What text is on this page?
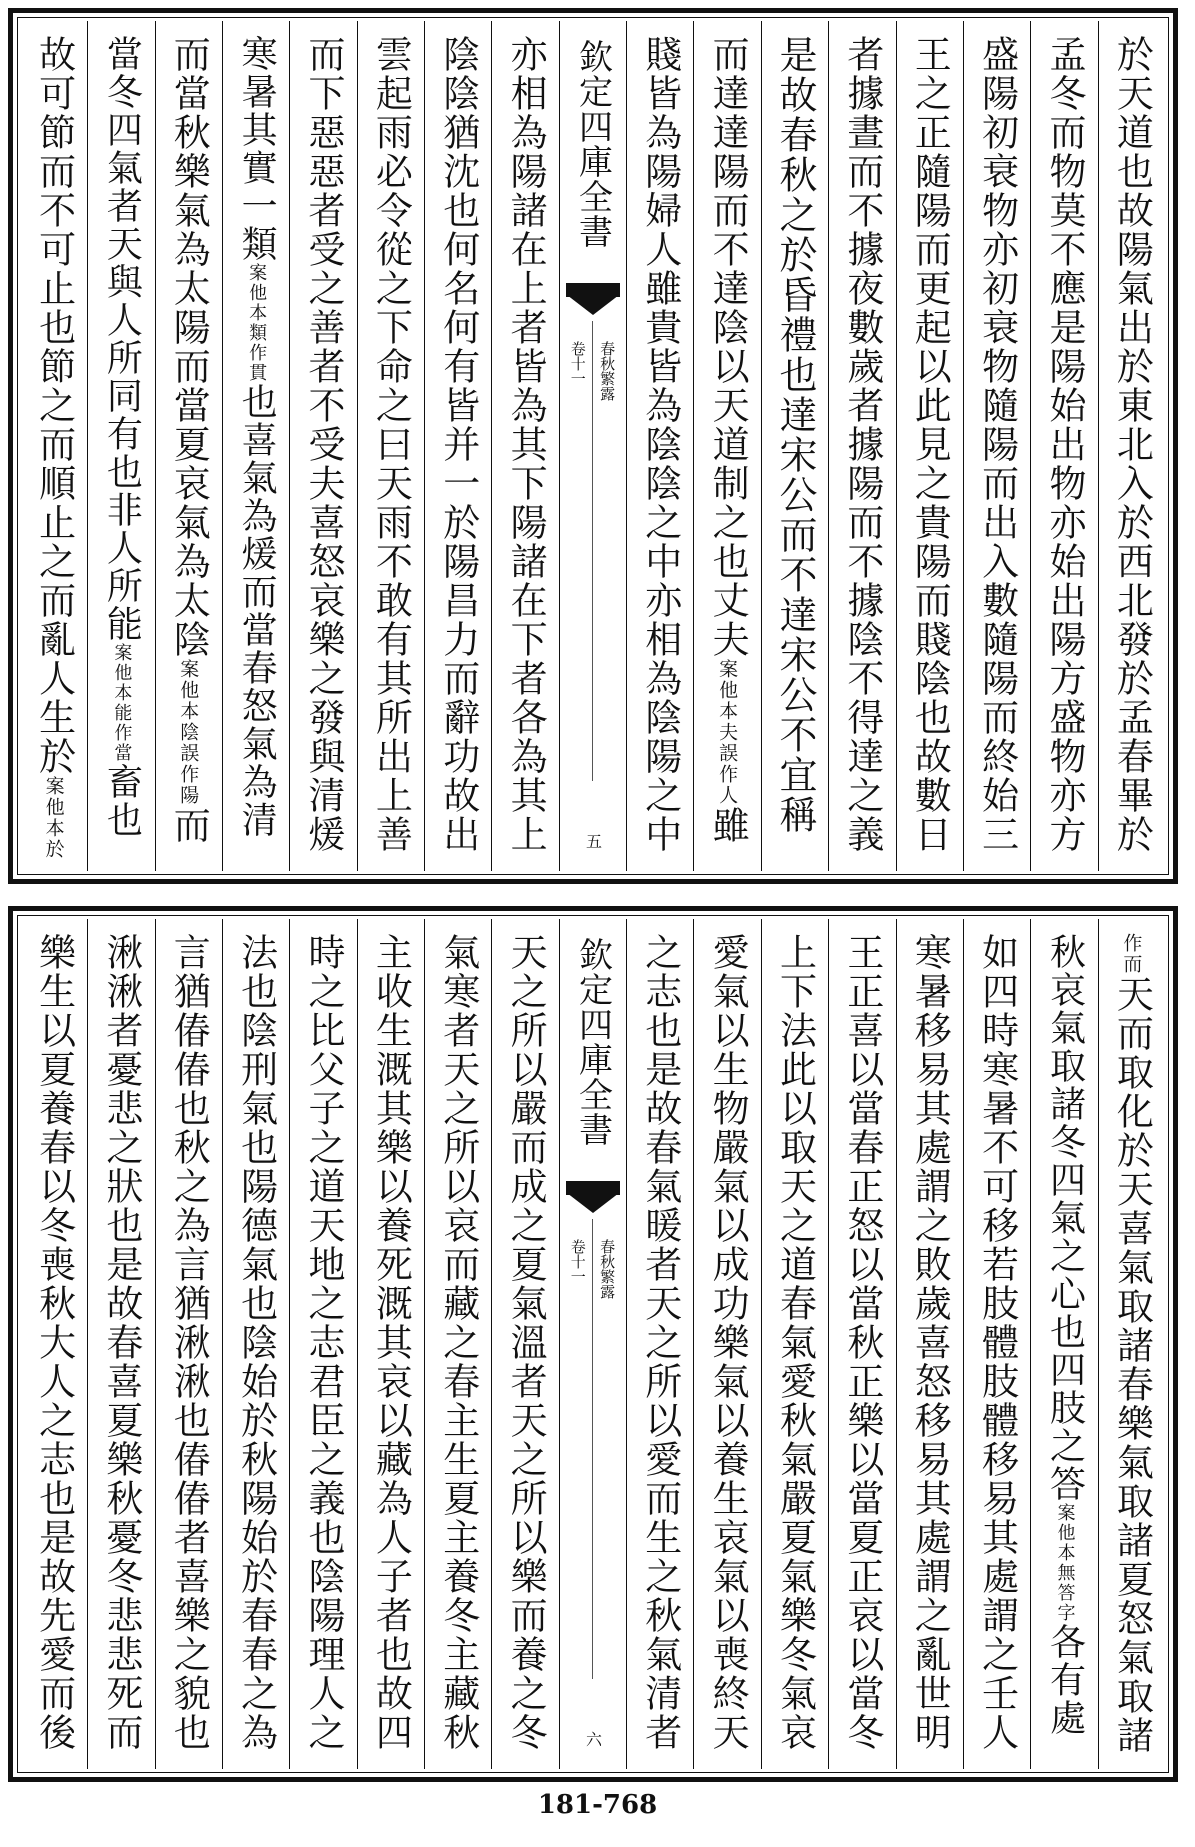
於天道也故陽氣出於東北入於西北發於孟春畢於
孟冬而物莫不應是陽始出物亦始出陽方盛物亦方
盛陽初衰物亦初衰物隨陽而出入數隨陽而終始三
王之正隨陽而更起以此見之貴陽而賤陰也故數日
者據晝而不據夜數歲者據陽而不據陰不得達之義
是故春秋之於昏禮也達宋公而不達宋公不宜稱
而達達陽而不達陰以天道制之也丈夫案他本夫誤作人雖
賤皆為陽婦人雖貴皆為陰陰之中亦相為陰陽之中
欽定四庫全書
春秋繁露
卷十一
五
亦相為陽諸在上者皆為其下陽諸在下者各為其上
陰陰猶沈也何名何有皆并一於陽昌力而辭功故出
雲起雨必令從之下命之曰天雨不敢有其所出上善
而下惡惡者受之善者不受夫喜怒哀樂之發與清煖
寒暑其實一類案他本類作貫也喜氣為煖而當春怒氣為清
而當秋樂氣為太陽而當夏哀氣為太陰案他本陰誤作陽而
當冬四氣者天與人所同有也非人所能案他本能作當畜也
故可節而不可止也節之而順止之而亂人生於案他本於
作而天而取化於天喜氣取諸春樂氣取諸夏怒氣取諸
秋哀氣取諸冬四氣之心也四肢之答案他本無答字各有處
如四時寒暑不可移若肢體肢體移易其處謂之壬人
寒暑移易其處謂之敗歲喜怒移易其處謂之亂世明
王正喜以當春正怒以當秋正樂以當夏正哀以當冬
上下法此以取天之道春氣愛秋氣嚴夏氣樂冬氣哀
愛氣以生物嚴氣以成功樂氣以養生哀氣以喪終天
之志也是故春氣暖者天之所以愛而生之秋氣清者
欽定四庫全書
春秋繁露
卷十一
六
天之所以嚴而成之夏氣溫者天之所以樂而養之冬
氣寒者天之所以哀而藏之春主生夏主養冬主藏秋
主收生溉其樂以養死溉其哀以藏為人子者也故四
時之比父子之道天地之志君臣之義也陰陽理人之
法也陰刑氣也陽德氣也陰始於秋陽始於春春之為
言猶偆偆也秋之為言猶湫湫也偆偆者喜樂之貌也
湫湫者憂悲之狀也是故春喜夏樂秋憂冬悲悲死而
樂生以夏養春以冬喪秋大人之志也是故先愛而後
181-768
